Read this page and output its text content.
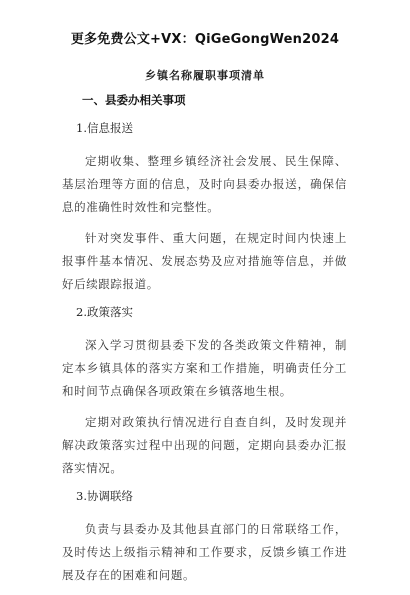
更多免费公文+VX：QiGeGongWen2024
乡镇名称履职事项清单
一、县委办相关事项
1.信息报送

定期收集、整理乡镇经济社会发展、民生保障、基层治理等方面的信息，及时向县委办报送，确保信息的准确性时效性和完整性。

针对突发事件、重大问题，在规定时间内快速上报事件基本情况、发展态势及应对措施等信息，并做好后续跟踪报道。

2.政策落实

深入学习贯彻县委下发的各类政策文件精神，制定本乡镇具体的落实方案和工作措施，明确责任分工和时间节点确保各项政策在乡镇落地生根。

定期对政策执行情况进行自查自纠，及时发现并解决政策落实过程中出现的问题，定期向县委办汇报落实情况。

3.协调联络

负责与县委办及其他县直部门的日常联络工作，及时传达上级指示精神和工作要求，反馈乡镇工作进展及存在的困难和问题。
